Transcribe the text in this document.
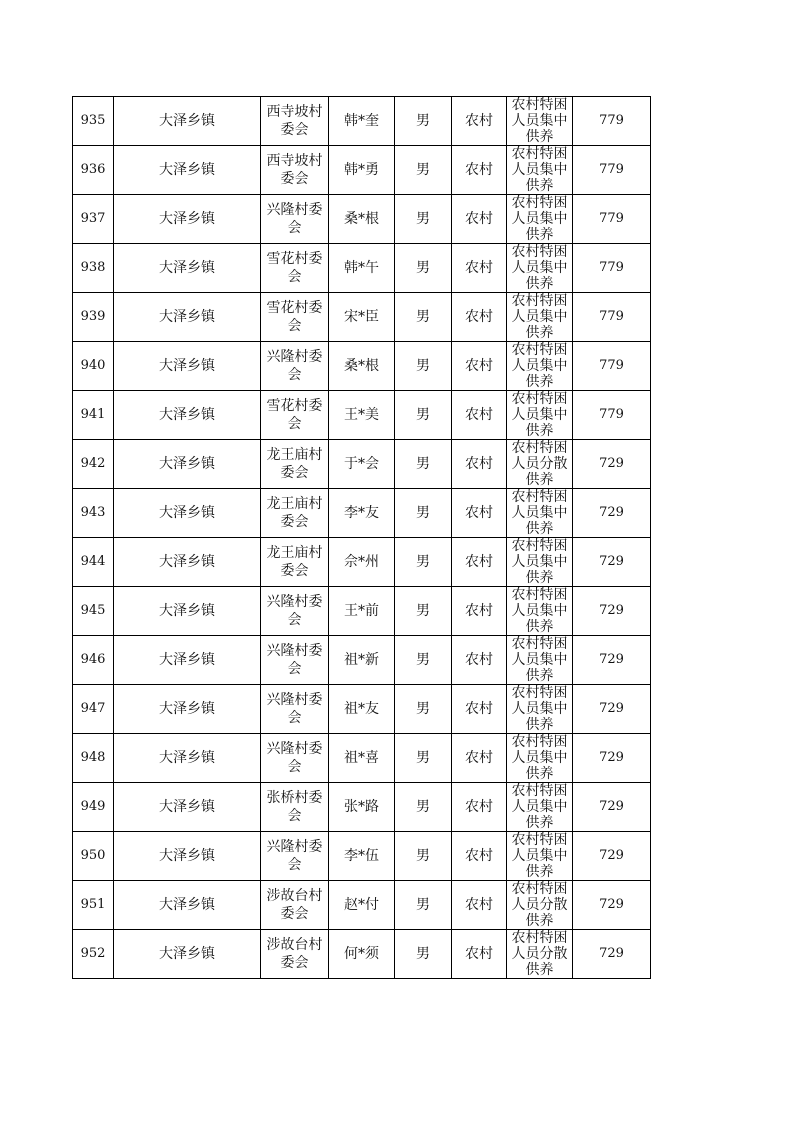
935	大泽乡镇	西寺坡村委会	韩*奎	男	农村	农村特困人员集中供养	779
936	大泽乡镇	西寺坡村委会	韩*勇	男	农村	农村特困人员集中供养	779
937	大泽乡镇	兴隆村委会	桑*根	男	农村	农村特困人员集中供养	779
938	大泽乡镇	雪花村委会	韩*午	男	农村	农村特困人员集中供养	779
939	大泽乡镇	雪花村委会	宋*臣	男	农村	农村特困人员集中供养	779
940	大泽乡镇	兴隆村委会	桑*根	男	农村	农村特困人员集中供养	779
941	大泽乡镇	雪花村委会	王*美	男	农村	农村特困人员集中供养	779
942	大泽乡镇	龙王庙村委会	于*会	男	农村	农村特困人员分散供养	729
943	大泽乡镇	龙王庙村委会	李*友	男	农村	农村特困人员集中供养	729
944	大泽乡镇	龙王庙村委会	佘*州	男	农村	农村特困人员集中供养	729
945	大泽乡镇	兴隆村委会	王*前	男	农村	农村特困人员集中供养	729
946	大泽乡镇	兴隆村委会	祖*新	男	农村	农村特困人员集中供养	729
947	大泽乡镇	兴隆村委会	祖*友	男	农村	农村特困人员集中供养	729
948	大泽乡镇	兴隆村委会	祖*喜	男	农村	农村特困人员集中供养	729
949	大泽乡镇	张桥村委会	张*路	男	农村	农村特困人员集中供养	729
950	大泽乡镇	兴隆村委会	李*伍	男	农村	农村特困人员集中供养	729
951	大泽乡镇	涉故台村委会	赵*付	男	农村	农村特困人员分散供养	729
952	大泽乡镇	涉故台村委会	何*须	男	农村	农村特困人员分散供养	729
